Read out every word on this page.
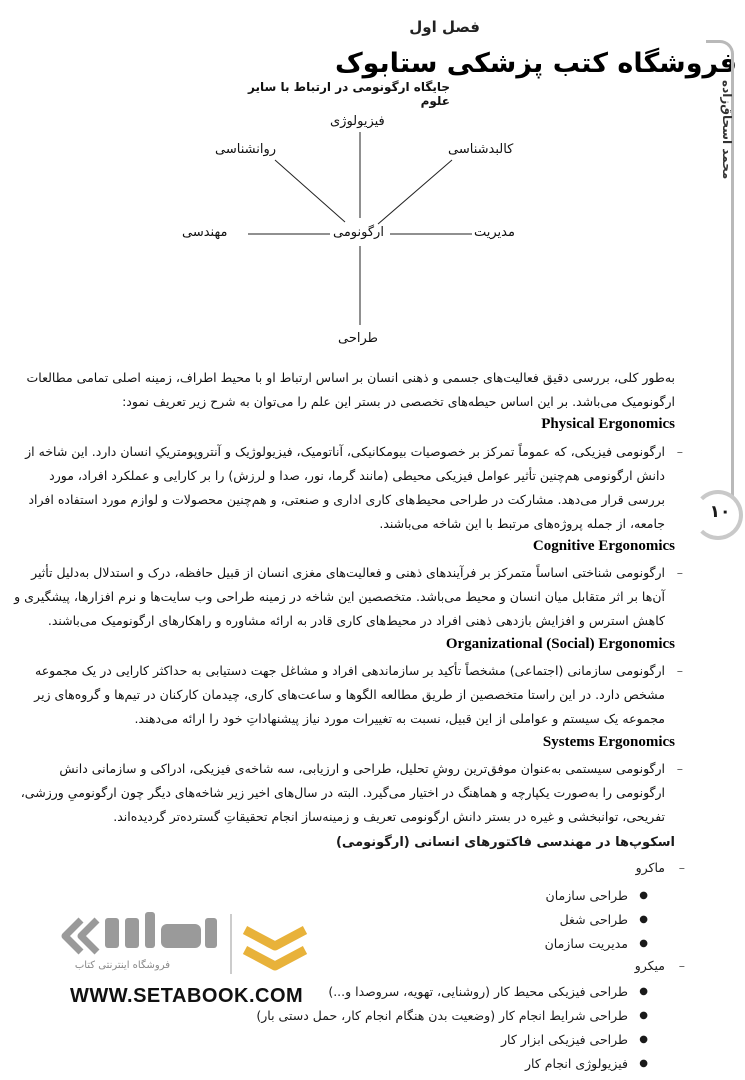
فصل اول
فروشگاه کتب پزشکی ستابوک
جایگاه ارگونومی در ارتباط با سایر علوم	محمد اسحاق‌زاده
۱۰
فیزیولوژی
روانشناسی	کالبدشناسی
مهندسی	ارگونومی	مدیریت
طراحی
به‌طور کلی، بررسی دقیق فعالیت‌های جسمی و ذهنی انسان بر اساس ارتباط او با محیط اطراف، زمینه اصلی تمامی مطالعات ارگونومیک می‌باشد. بر این اساس حیطه‌های تخصصی در بستر این علم را می‌توان به شرح زیر تعریف نمود:
Physical Ergonomics
–
ارگونومی فیزیکی، که عموماً تمرکز بر خصوصیات بیومکانیکی، آناتومیک، فیزیولوژیک و آنتروپومتریکِ انسان دارد. این شاخه از دانش ارگونومی هم‌چنین تأثیر عوامل فیزیکی محیطی (مانند گرما، نور، صدا و لرزش) را بر کارایی و عملکرد افراد، مورد بررسی قرار می‌دهد. مشارکت در طراحی محیط‌های کاری اداری و صنعتی، و هم‌چنین محصولات و لوازم مورد استفاده افراد جامعه، از جمله پروژه‌های مرتبط با این شاخه می‌باشند.
Cognitive Ergonomics
–
ارگونومی شناختی اساساً متمرکز بر فرآیندهای ذهنی و فعالیت‌های مغزی انسان از قبیل حافظه، درک و استدلال به‌دلیل تأثیر آن‌ها بر اثر متقابل میان انسان و محیط می‌باشد. متخصصین این شاخه در زمینه طراحی وب سایت‌ها و نرم افزارها، پیشگیری و کاهش استرس و افزایش بازدهی ذهنی افراد در محیط‌های کاری قادر به ارائه مشاوره و راهکارهای ارگونومیک می‌باشند.
Organizational (Social) Ergonomics
–
ارگونومی سازمانی (اجتماعی) مشخصاً تأکید بر سازماندهی افراد و مشاغل جهت دستیابی به حداکثر کارایی در یک مجموعه مشخص دارد. در این راستا متخصصین از طریق مطالعه الگوها و ساعت‌های کاری، چیدمان کارکنان در تیم‌ها و گروه‌های زیر مجموعه یک سیستم و عواملی از این قبیل، نسبت به تغییرات مورد نیاز پیشنهاداتِ خود را ارائه می‌دهند.
Systems Ergonomics
–
ارگونومی سیستمی به‌عنوان موفق‌ترین روشِ تحلیل، طراحی و ارزیابی، سه شاخه‌ی فیزیکی، ادراکی و سازمانی دانش ارگونومی را به‌صورت یکپارچه و هماهنگ در اختیار می‌گیرد. البته در سال‌های اخیر زیر شاخه‌های دیگر چون ارگونومیِ ورزشی، تفریحی، توانبخشی و غیره در بستر دانش ارگونومی تعریف و زمینه‌ساز انجام تحقیقاتِ گسترده‌تر گردیده‌اند.
اسکوپ‌ها در مهندسی فاکتورهای انسانی (ارگونومی)
–
ماکرو
● طراحی سازمان
● طراحی شغل
● مدیریت سازمان
–
میکرو
● طراحی فیزیکی محیط کار (روشنایی، تهویه، سروصدا و...)
● طراحی شرایط انجام کار (وضعیت بدن هنگام انجام کار، حمل دستی بار)
● طراحی فیزیکی ابزار کار
● فیزیولوژی انجام کار
فروشگاه اینترنتی کتاب
WWW.SETABOOK.COM
